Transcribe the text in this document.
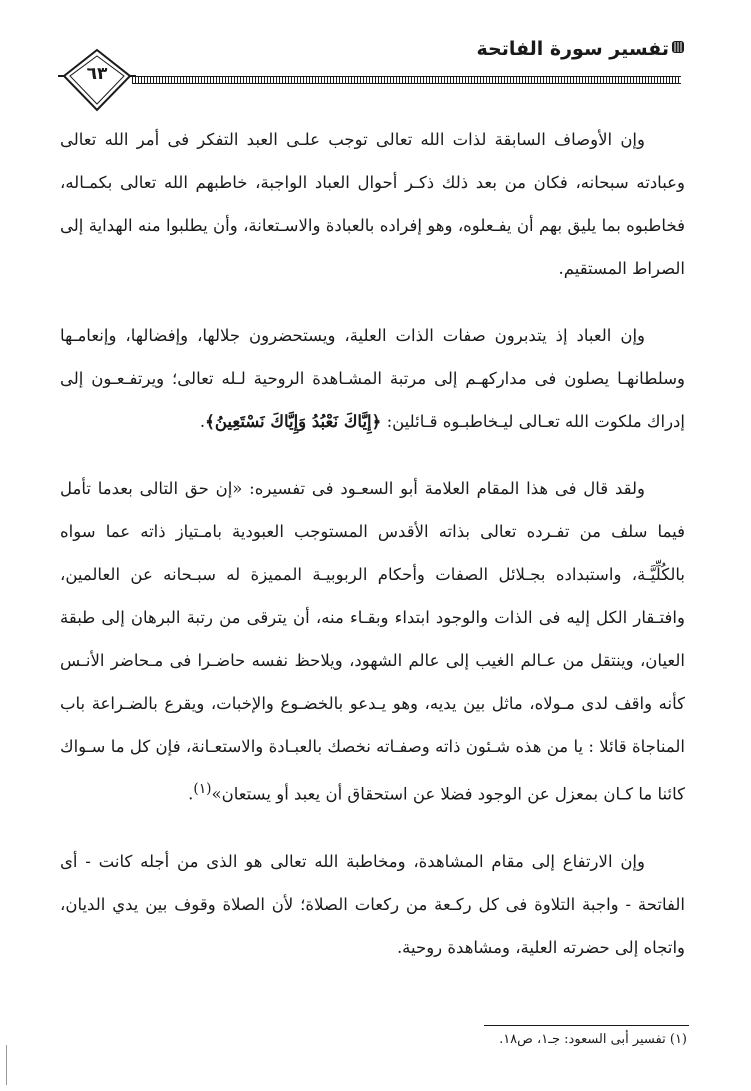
تفسير سورة الفاتحة
٦٣

وإن الأوصاف السابقة لذات الله تعالى توجب علـى العبد التفكر فى أمر الله تعالى وعبادته سبحانه، فكان من بعد ذلك ذكـر أحوال العباد الواجبة، خاطبهم الله تعالى بكمـاله، فخاطبوه بما يليق بهم أن يفـعلوه، وهو إفراده بالعبادة والاسـتعانة، وأن يطلبوا منه الهداية إلى الصراط المستقيم.

وإن العباد إذ يتدبرون صفات الذات العلية، ويستحضرون جلالها، وإفضالها، وإنعامـها وسلطانهـا يصلون فى مداركهـم إلى مرتبة المشـاهدة الروحية لـله تعالى؛ ويرتفـعـون إلى إدراك ملكوت الله تعـالى ليـخاطبـوه قـائلين: ﴿إِيَّاكَ نَعْبُدُ وَإِيَّاكَ نَسْتَعِينُ﴾.

ولقد قال فى هذا المقام العلامة أبو السعـود فى تفسيره: «إن حق التالى بعدما تأمل فيما سلف من تفـرده تعالى بذاته الأقدس المستوجب العبودية بامـتياز ذاته عما سواه بالكُلِّيَّـة، واستبداده بجـلائل الصفات وأحكام الربوبيـة المميزة له سبـحانه عن العالمين، وافتـقار الكل إليه فى الذات والوجود ابتداء وبقـاء منه، أن يترقى من رتبة البرهان إلى طبقة العيان، وينتقل من عـالم الغيب إلى عالم الشهود، ويلاحظ نفسه حاضـرا فى مـحاضر الأنـس كأنه واقف لدى مـولاه، ماثل بين يديه، وهو يـدعو بالخضـوع والإخبات، ويقرع بالضـراعة باب المناجاة قائلا : يا من هذه شـئون ذاته وصفـاته نخصك بالعبـادة والاستعـانة، فإن كل ما سـواك كائنا ما كـان بمعزل عن الوجود فضلا عن استحقاق أن يعبد أو يستعان»$^{(١)}$.

وإن الارتفاع إلى مقام المشاهدة، ومخاطبة الله تعالى هو الذى من أجله كانت - أى الفاتحة - واجبة التلاوة فى كل ركـعة من ركعات الصلاة؛ لأن الصلاة وقوف بين يدي الديان، واتجاه إلى حضرته العلية، ومشاهدة روحية.

(١) تفسير أبى السعود: جـ١، ص١٨.
